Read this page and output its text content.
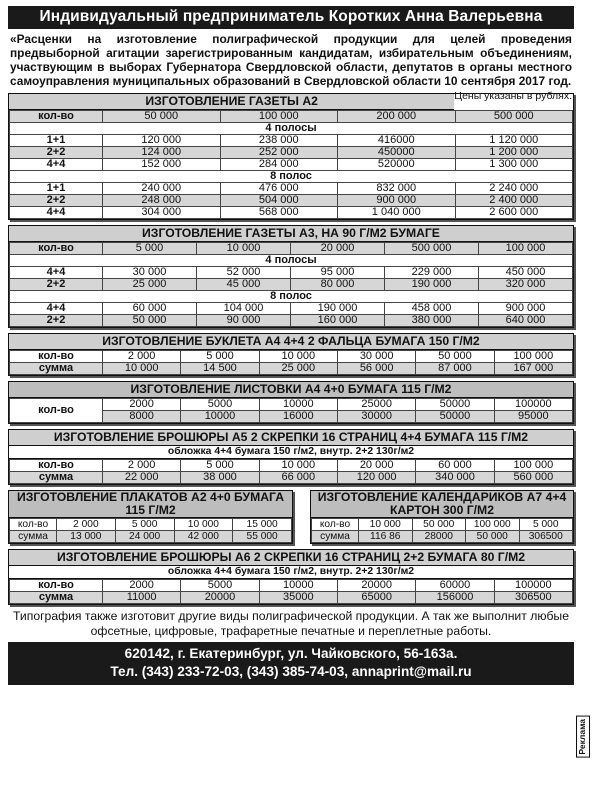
Индивидуальный предприниматель Коротких Анна Валерьевна
«Расценки на изготовление полиграфической продукции для целей проведения предвыборной агитации зарегистрированным кандидатам, избирательным объединениям, участвующим в выборах Губернатора Свердловской области, депутатов в органы местного самоуправления муниципальных образований в Свердловской области 10 сентября 2017 год.
Цены указаны в рублях.
ИЗГОТОВЛЕНИЕ ГАЗЕТЫ А2
кол-во	50 000	100 000	200 000	500 000
4 полосы				
1+1	120 000	238 000	416000	1 120 000
2+2	124 000	252 000	450000	1 200 000
4+4	152 000	284 000	520000	1 300 000
8 полос				
1+1	240 000	476 000	832 000	2 240 000
2+2	248 000	504 000	900 000	2 400 000
4+4	304 000	568 000	1 040 000	2 600 000
ИЗГОТОВЛЕНИЕ ГАЗЕТЫ А3, НА 90 Г/М2 БУМАГЕ
кол-во	5 000	10 000	20 000	500 000	100 000
4 полосы					
4+4	30 000	52 000	95 000	229 000	450 000
2+2	25 000	45 000	80 000	190 000	320 000
8 полос					
4+4	60 000	104 000	190 000	458 000	900 000
2+2	50 000	90 000	160 000	380 000	640 000
ИЗГОТОВЛЕНИЕ БУКЛЕТА А4 4+4 2 ФАЛЬЦА БУМАГА 150 Г/М2
кол-во	2 000	5 000	10 000	30 000	50 000	100 000
сумма	10 000	14 500	25 000	56 000	87 000	167 000
ИЗГОТОВЛЕНИЕ ЛИСТОВКИ А4 4+0 БУМАГА 115 Г/М2
кол-во	2000	5000	10000	25000	50000	100000
	8000	10000	16000	30000	50000	95000
ИЗГОТОВЛЕНИЕ БРОШЮРЫ А5 2 СКРЕПКИ 16 СТРАНИЦ 4+4 БУМАГА 115 Г/М2
обложка 4+4 бумага 150 г/м2, внутр. 2+2 130г/м2
кол-во	2 000	5 000	10 000	20 000	60 000	100 000
сумма	22 000	38 000	66 000	120 000	340 000	560 000
ИЗГОТОВЛЕНИЕ ПЛАКАТОВ А2 4+0 БУМАГА 115 Г/М2
кол-во	2 000	5 000	10 000	15 000
сумма	13 000	24 000	42 000	55 000
ИЗГОТОВЛЕНИЕ КАЛЕНДАРИКОВ А7 4+4 КАРТОН 300 Г/М2
кол-во	10 000	50 000	100 000	5 000
сумма	116 86	28000	50 000	306500
ИЗГОТОВЛЕНИЕ БРОШЮРЫ А6 2 СКРЕПКИ 16 СТРАНИЦ 2+2 БУМАГА 80 Г/М2
обложка 4+4 бумага 150 г/м2, внутр. 2+2 130г/м2
кол-во	2000	5000	10000	20000	60000	100000
сумма	11000	20000	35000	65000	156000	306500
Типография также изготовит другие виды полиграфической продукции. А так же выполнит любые офсетные, цифровые, трафаретные печатные и переплетные работы.
620142, г. Екатеринбург, ул. Чайковского, 56-163а.
Тел. (343) 233-72-03, (343) 385-74-03, annaprint@mail.ru
Реклама
